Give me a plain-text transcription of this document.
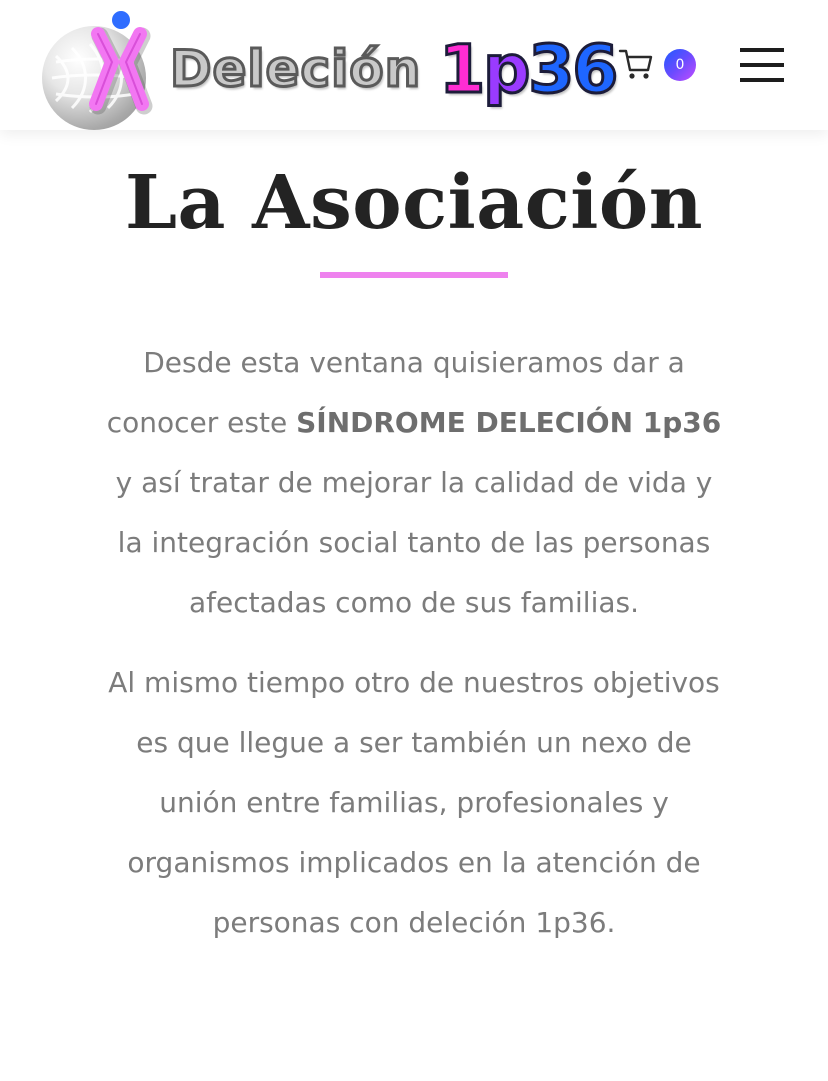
Deleción 1p36	0
La Asociación

Desde esta ventana quisieramos dar a conocer este SÍNDROME DELECIÓN 1p36 y así tratar de mejorar la calidad de vida y la integración social tanto de las personas afectadas como de sus familias.

Al mismo tiempo otro de nuestros objetivos es que llegue a ser también un nexo de unión entre familias, profesionales y organismos implicados en la atención de personas con deleción 1p36.
